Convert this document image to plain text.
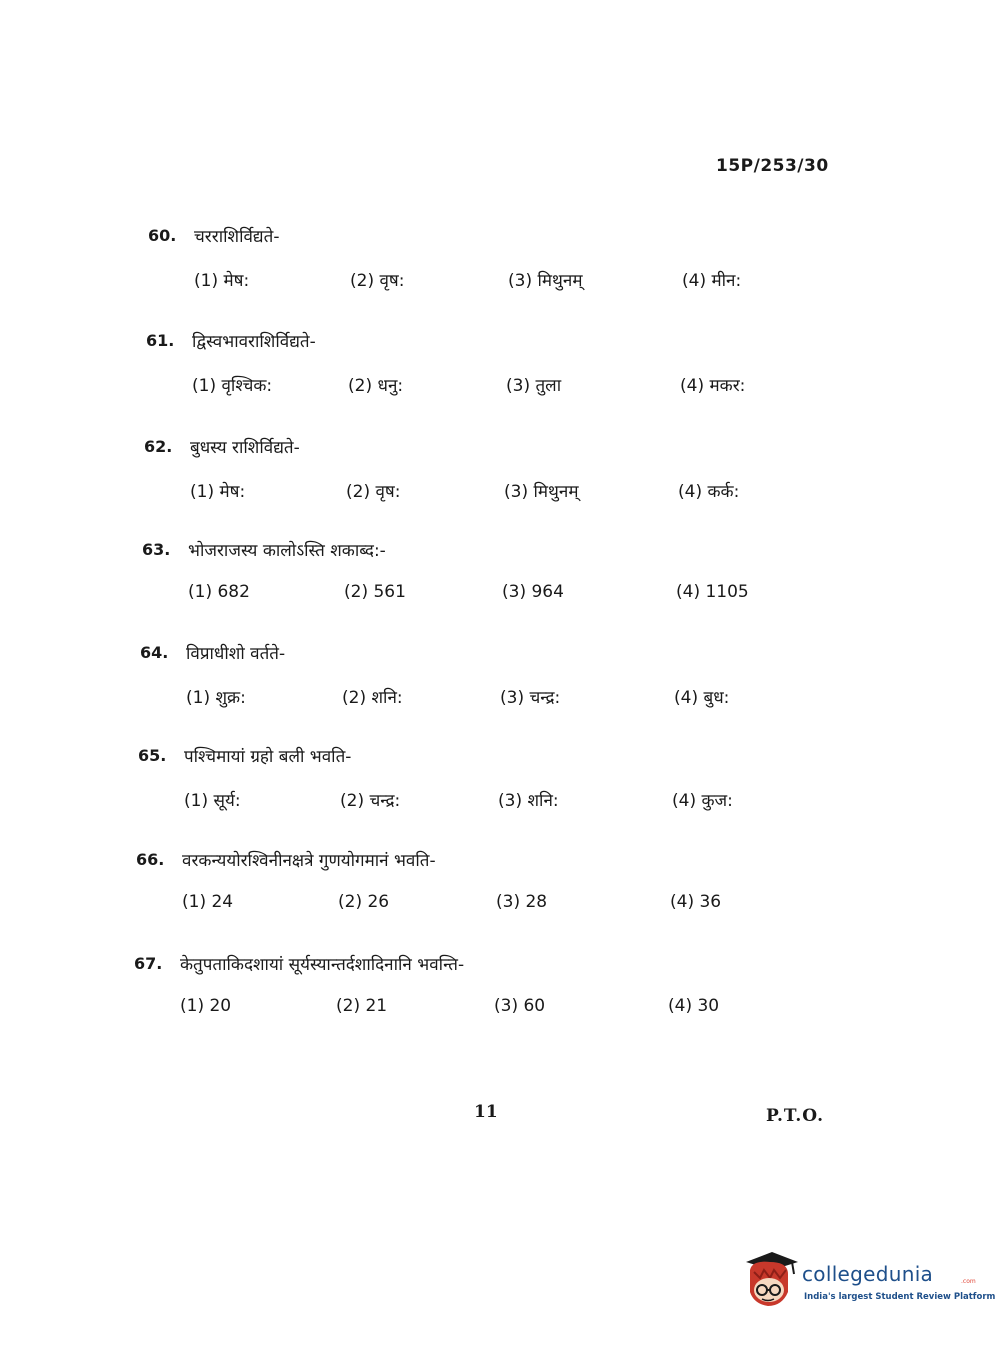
15P/253/30
60. चरराशिर्विद्यते-
(1) मेष:	(2) वृष:	(3) मिथुनम्	(4) मीन:
61. द्विस्वभावराशिर्विद्यते-
(1) वृश्चिक:	(2) धनु:	(3) तुला	(4) मकर:
62. बुधस्य राशिर्विद्यते-
(1) मेष:	(2) वृष:	(3) मिथुनम्	(4) कर्क:
63. भोजराजस्य कालोऽस्ति शकाब्द:-
(1) 682	(2) 561	(3) 964	(4) 1105
64. विप्राधीशो वर्तते-
(1) शुक्र:	(2) शनि:	(3) चन्द्र:	(4) बुध:
65. पश्चिमायां ग्रहो बली भवति-
(1) सूर्य:	(2) चन्द्र:	(3) शनि:	(4) कुज:
66. वरकन्ययोरश्विनीनक्षत्रे गुणयोगमानं भवति-
(1) 24	(2) 26	(3) 28	(4) 36
67. केतुपताकिदशायां सूर्यस्यान्तर्दशादिनानि भवन्ति-
(1) 20	(2) 21	(3) 60	(4) 30
11	P.T.O.
collegedunia	.com
India's largest Student Review Platform
